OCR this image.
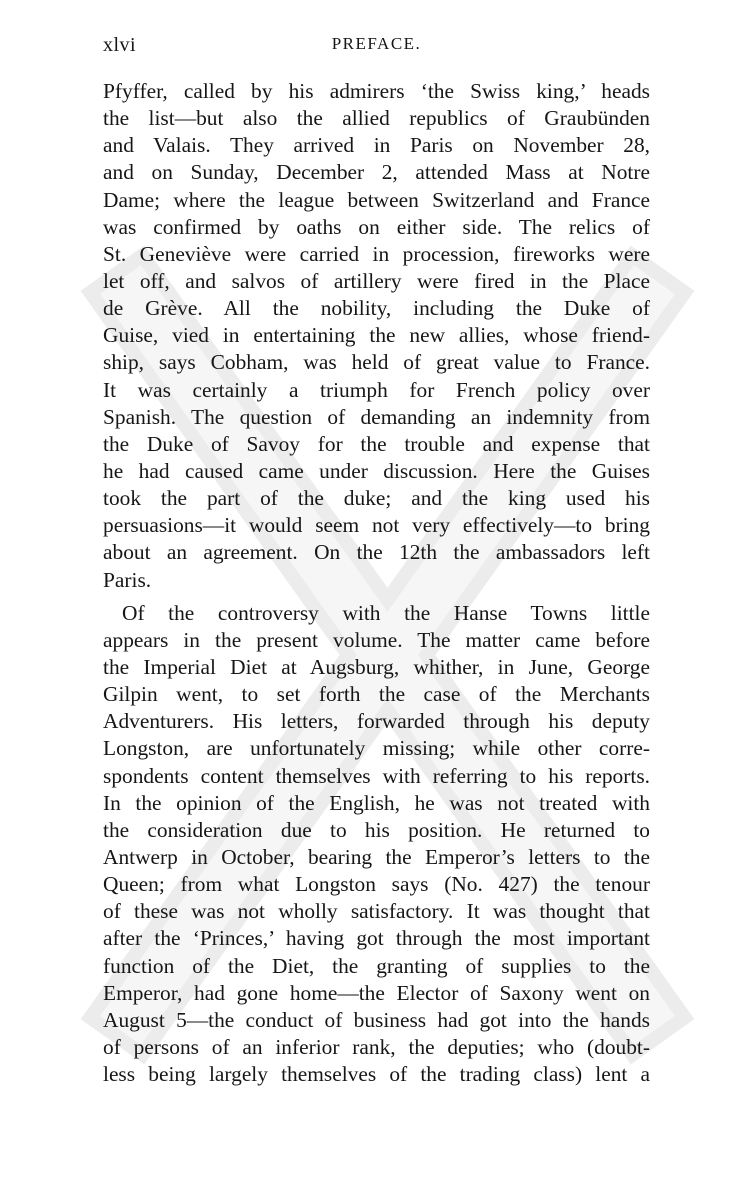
xlvi	PREFACE.
Pfyffer, called by his admirers ‘the Swiss king,’ heads
the list—but also the allied republics of Graubünden
and Valais. They arrived in Paris on November 28,
and on Sunday, December 2, attended Mass at Notre
Dame; where the league between Switzerland and France
was confirmed by oaths on either side. The relics of
St. Geneviève were carried in procession, fireworks were
let off, and salvos of artillery were fired in the Place
de Grève. All the nobility, including the Duke of
Guise, vied in entertaining the new allies, whose friend-
ship, says Cobham, was held of great value to France.
It was certainly a triumph for French policy over
Spanish. The question of demanding an indemnity from
the Duke of Savoy for the trouble and expense that
he had caused came under discussion. Here the Guises
took the part of the duke; and the king used his
persuasions—it would seem not very effectively—to bring
about an agreement. On the 12th the ambassadors left
Paris.
Of the controversy with the Hanse Towns little
appears in the present volume. The matter came before
the Imperial Diet at Augsburg, whither, in June, George
Gilpin went, to set forth the case of the Merchants
Adventurers. His letters, forwarded through his deputy
Longston, are unfortunately missing; while other corre-
spondents content themselves with referring to his reports.
In the opinion of the English, he was not treated with
the consideration due to his position. He returned to
Antwerp in October, bearing the Emperor’s letters to the
Queen; from what Longston says (No. 427) the tenour
of these was not wholly satisfactory. It was thought that
after the ‘Princes,’ having got through the most important
function of the Diet, the granting of supplies to the
Emperor, had gone home—the Elector of Saxony went on
August 5—the conduct of business had got into the hands
of persons of an inferior rank, the deputies; who (doubt-
less being largely themselves of the trading class) lent a
